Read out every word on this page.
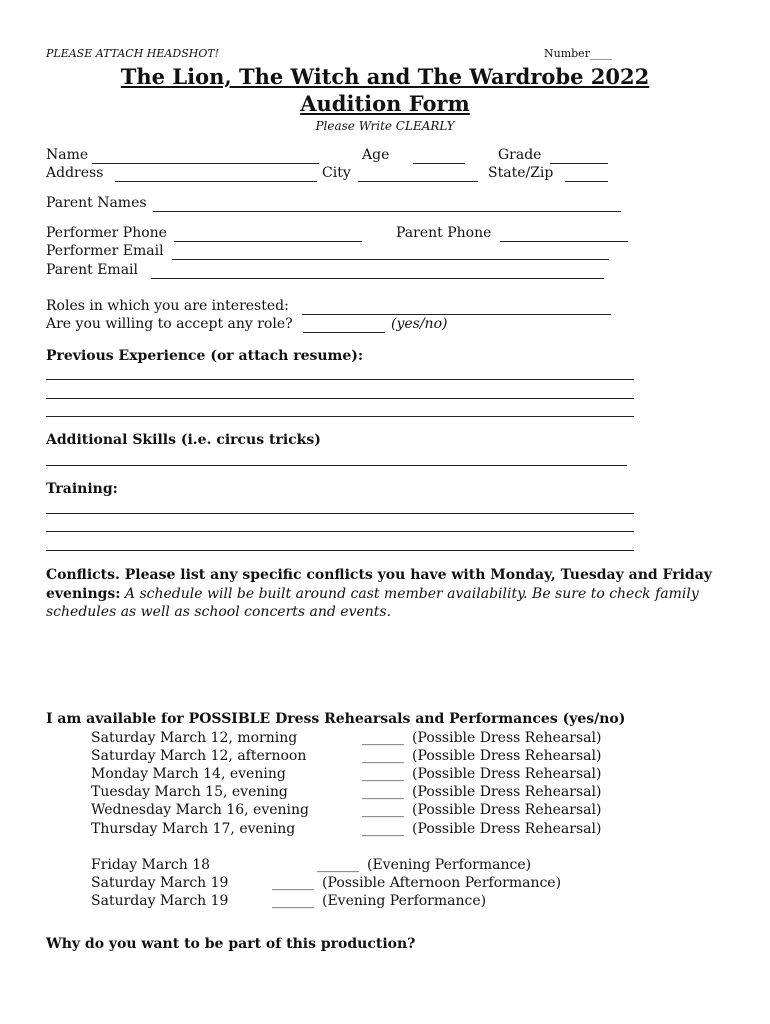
PLEASE ATTACH HEADSHOT!	Number____
The Lion, The Witch and The Wardrobe 2022
Audition Form
Please Write CLEARLY
Name	Age	Grade
Address	City	State/Zip
Parent Names
Performer Phone	Parent Phone
Performer Email
Parent Email
Roles in which you are interested:
Are you willing to accept any role?	(yes/no)
Previous Experience (or attach resume):
Additional Skills (i.e. circus tricks)
Training:
Conflicts. Please list any specific conflicts you have with Monday, Tuesday and Friday evenings: A schedule will be built around cast member availability. Be sure to check family schedules as well as school concerts and events.
I am available for POSSIBLE Dress Rehearsals and Performances (yes/no)
Saturday March 12, morning	______ (Possible Dress Rehearsal)
Saturday March 12, afternoon	______ (Possible Dress Rehearsal)
Monday March 14, evening	______ (Possible Dress Rehearsal)
Tuesday March 15, evening	______ (Possible Dress Rehearsal)
Wednesday March 16, evening	______ (Possible Dress Rehearsal)
Thursday March 17, evening	______ (Possible Dress Rehearsal)
Friday March 18	______ (Evening Performance)
Saturday March 19	______ (Possible Afternoon Performance)
Saturday March 19	______ (Evening Performance)
Why do you want to be part of this production?
